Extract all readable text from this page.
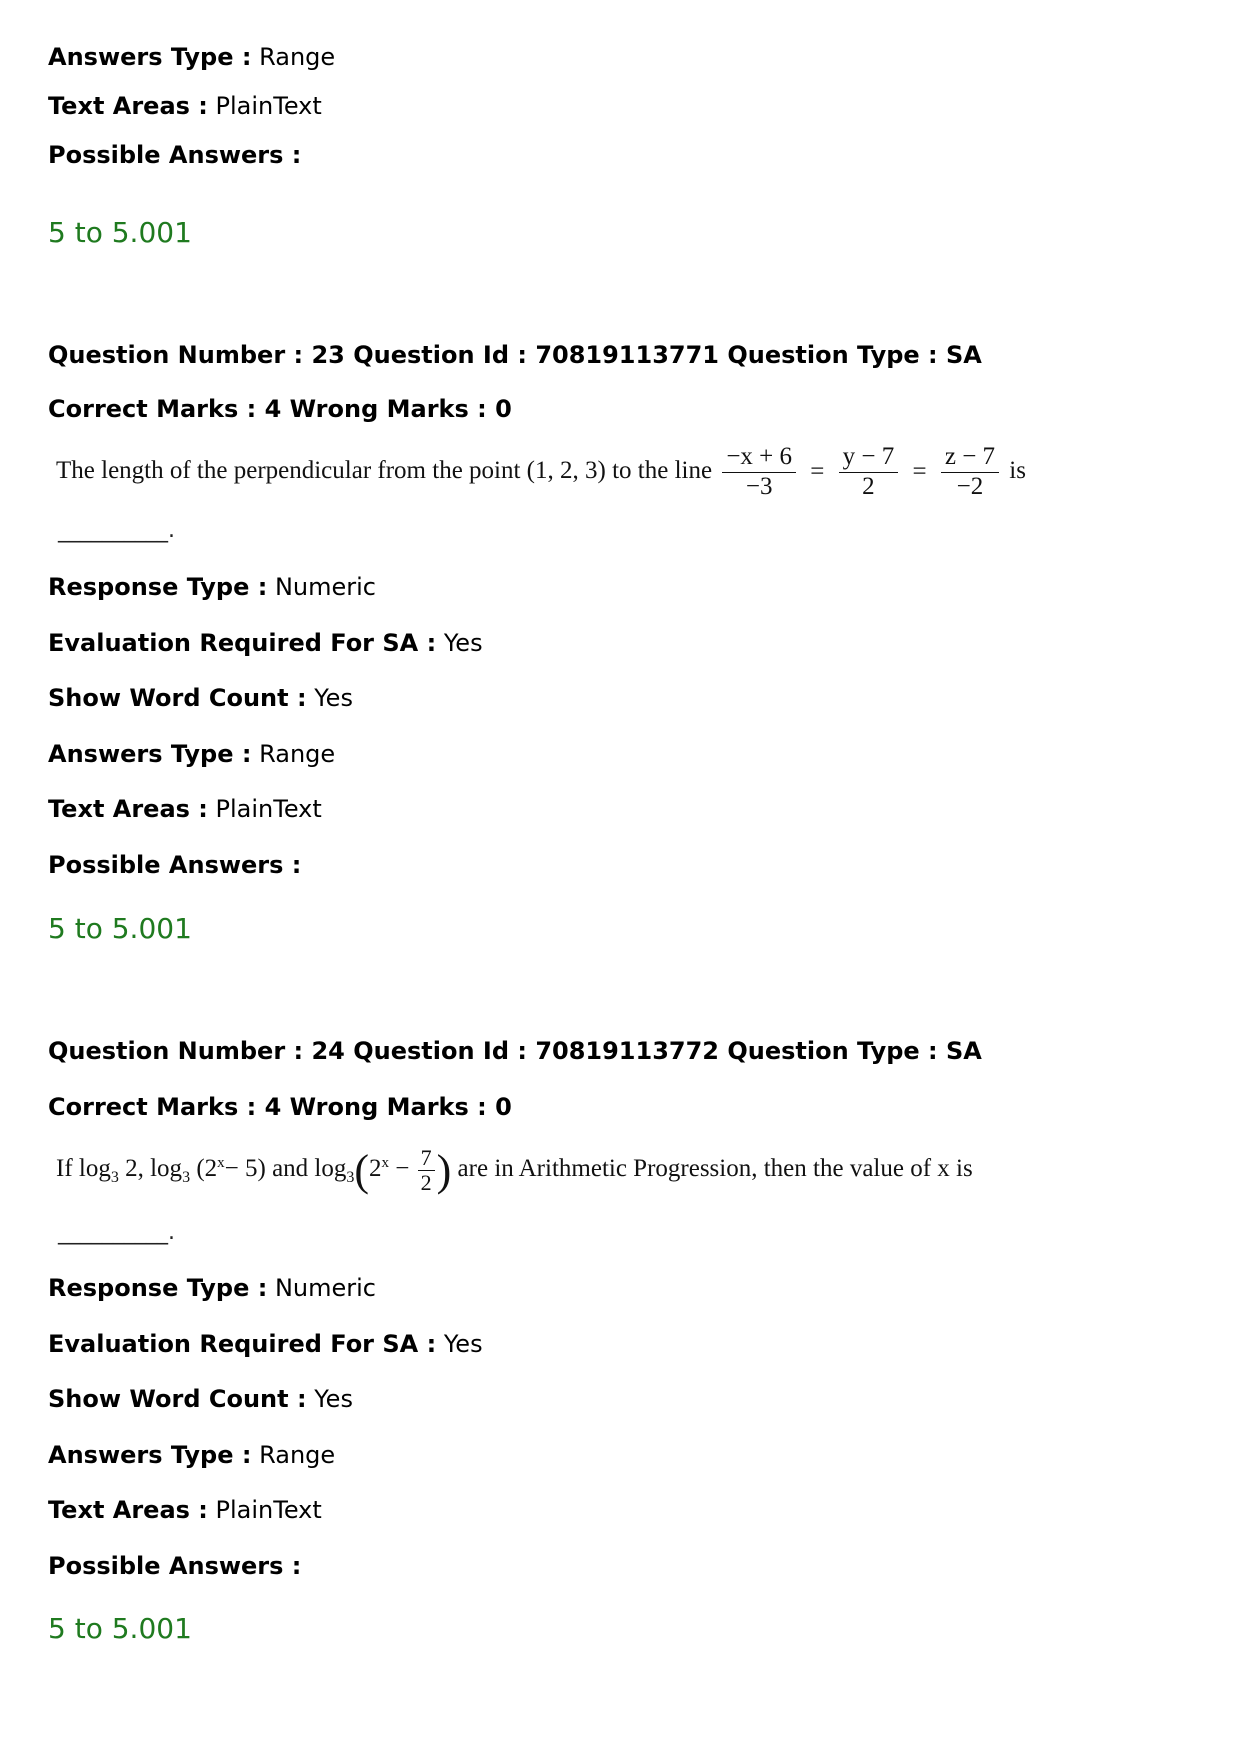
Answers Type : Range
Text Areas : PlainText
Possible Answers :
5 to 5.001
Question Number : 23 Question Id : 70819113771 Question Type : SA
Correct Marks : 4 Wrong Marks : 0
The length of the perpendicular from the point (1, 2, 3) to the line $\frac{-x + 6}{-3} = \frac{y - 7}{2} = \frac{z - 7}{-2}$ is
__________.
Response Type : Numeric
Evaluation Required For SA : Yes
Show Word Count : Yes
Answers Type : Range
Text Areas : PlainText
Possible Answers :
5 to 5.001
Question Number : 24 Question Id : 70819113772 Question Type : SA
Correct Marks : 4 Wrong Marks : 0
If $\log_3 2$, $\log_3 (2^x- 5)$ and $\log_3(2^x - \frac{7}{2}$ ) are in Arithmetic Progression, then the value of x is
__________.
Response Type : Numeric
Evaluation Required For SA : Yes
Show Word Count : Yes
Answers Type : Range
Text Areas : PlainText
Possible Answers :
5 to 5.001
